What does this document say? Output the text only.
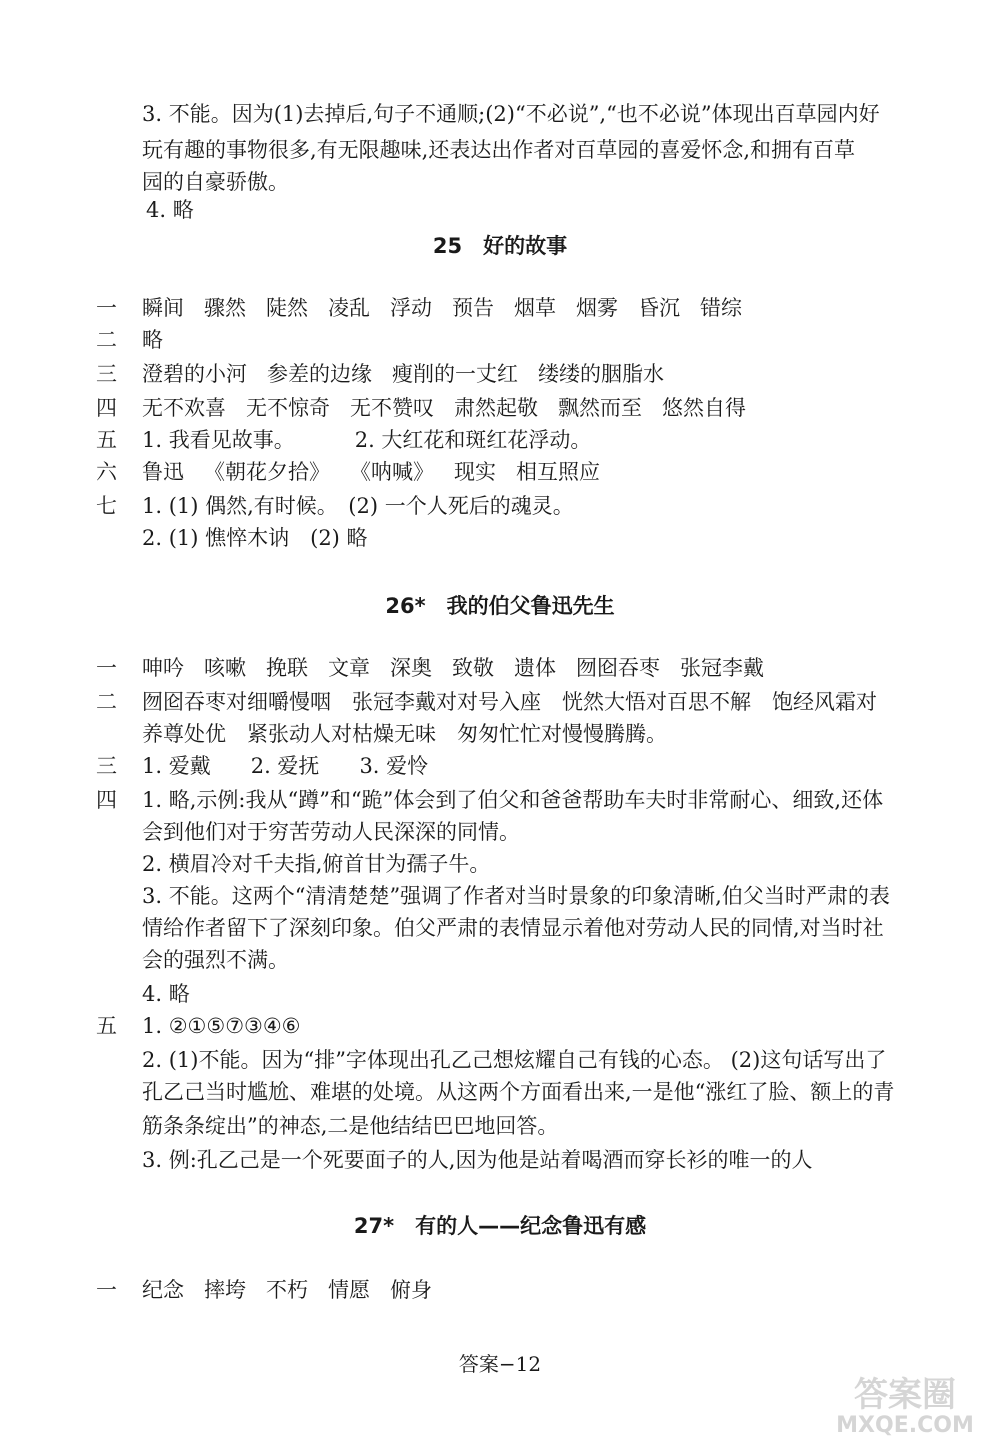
3. 不能。因为(1)去掉后,句子不通顺;(2)“不必说”,“也不必说”体现出百草园内好
玩有趣的事物很多,有无限趣味,还表达出作者对百草园的喜爱怀念,和拥有百草
园的自豪骄傲。
4. 略
25　好的故事
一 瞬间 骤然 陡然 凌乱 浮动 预告 烟草 烟雾 昏沉 错综
二 略
三 澄碧的小河 参差的边缘 瘦削的一丈红 缕缕的胭脂水
四 无不欢喜 无不惊奇 无不赞叹 肃然起敬 飘然而至 悠然自得
五 1. 我看见故事。	2. 大红花和斑红花浮动。
六 鲁迅 《朝花夕拾》 《呐喊》 现实 相互照应
七 1. (1) 偶然,有时候。　(2) 一个人死后的魂灵。
2. (1) 憔悴木讷　(2) 略
26*　我的伯父鲁迅先生
一 呻吟 咳嗽 挽联 文章 深奥 致敬 遗体 囫囵吞枣 张冠李戴
二 囫囵吞枣对细嚼慢咽　张冠李戴对对号入座　恍然大悟对百思不解　饱经风霜对
养尊处优　紧张动人对枯燥无味　匆匆忙忙对慢慢腾腾。
三 1. 爱戴 2. 爱抚 3. 爱怜
四 1. 略,示例:我从“蹲”和“跪”体会到了伯父和爸爸帮助车夫时非常耐心、细致,还体
会到他们对于穷苦劳动人民深深的同情。
2. 横眉冷对千夫指,俯首甘为孺子牛。
3. 不能。这两个“清清楚楚”强调了作者对当时景象的印象清晰,伯父当时严肃的表
情给作者留下了深刻印象。伯父严肃的表情显示着他对劳动人民的同情,对当时社
会的强烈不满。
4. 略
五 1. ②①⑤⑦③④⑥
2. (1)不能。因为“排”字体现出孔乙己想炫耀自己有钱的心态。 (2)这句话写出了
孔乙己当时尴尬、难堪的处境。从这两个方面看出来,一是他“涨红了脸、额上的青
筋条条绽出”的神态,二是他结结巴巴地回答。
3. 例:孔乙己是一个死要面子的人,因为他是站着喝酒而穿长衫的唯一的人
27*　有的人——纪念鲁迅有感
一 纪念 摔垮 不朽 情愿 俯身
答案−12
答案圈
MXQE.COM
